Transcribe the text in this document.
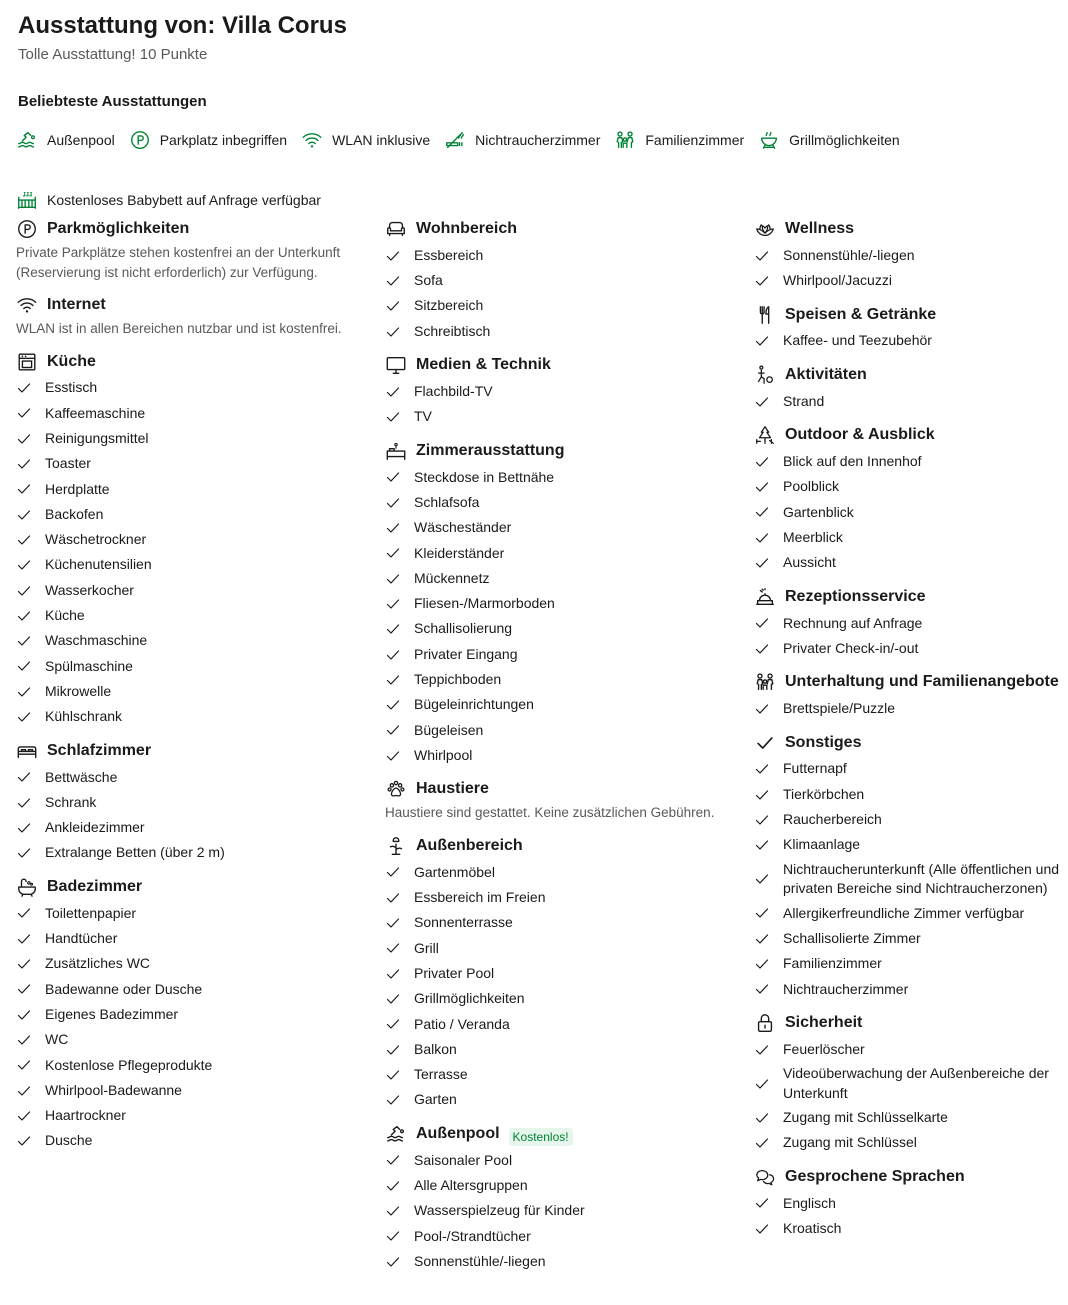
Ausstattung von: Villa Corus
Tolle Ausstattung! 10 Punkte
Beliebteste Ausstattungen
Außenpool	Parkplatz inbegriffen	WLAN inklusive	Nichtraucherzimmer	Familienzimmer	Grillmöglichkeiten
Kostenloses Babybett auf Anfrage verfügbar
Parkmöglichkeiten
Private Parkplätze stehen kostenfrei an der Unterkunft (Reservierung ist nicht erforderlich) zur Verfügung.
Internet
WLAN ist in allen Bereichen nutzbar und ist kostenfrei.
Küche
Esstisch
Kaffeemaschine
Reinigungsmittel
Toaster
Herdplatte
Backofen
Wäschetrockner
Küchenutensilien
Wasserkocher
Küche
Waschmaschine
Spülmaschine
Mikrowelle
Kühlschrank
Schlafzimmer
Bettwäsche
Schrank
Ankleidezimmer
Extralange Betten (über 2 m)
Badezimmer
Toilettenpapier
Handtücher
Zusätzliches WC
Badewanne oder Dusche
Eigenes Badezimmer
WC
Kostenlose Pflegeprodukte
Whirlpool-Badewanne
Haartrockner
Dusche
Wohnbereich
Essbereich
Sofa
Sitzbereich
Schreibtisch
Medien & Technik
Flachbild-TV
TV
Zimmerausstattung
Steckdose in Bettnähe
Schlafsofa
Wäscheständer
Kleiderständer
Mückennetz
Fliesen-/Marmorboden
Schallisolierung
Privater Eingang
Teppichboden
Bügeleinrichtungen
Bügeleisen
Whirlpool
Haustiere
Haustiere sind gestattet. Keine zusätzlichen Gebühren.
Außenbereich
Gartenmöbel
Essbereich im Freien
Sonnenterrasse
Grill
Privater Pool
Grillmöglichkeiten
Patio / Veranda
Balkon
Terrasse
Garten
Außenpool	Kostenlos!
Saisonaler Pool
Alle Altersgruppen
Wasserspielzeug für Kinder
Pool-/Strandtücher
Sonnenstühle/-liegen
Wellness
Sonnenstühle/-liegen
Whirlpool/Jacuzzi
Speisen & Getränke
Kaffee- und Teezubehör
Aktivitäten
Strand
Outdoor & Ausblick
Blick auf den Innenhof
Poolblick
Gartenblick
Meerblick
Aussicht
Rezeptionsservice
Rechnung auf Anfrage
Privater Check-in/-out
Unterhaltung und Familienangebote
Brettspiele/Puzzle
Sonstiges
Futternapf
Tierkörbchen
Raucherbereich
Klimaanlage
Nichtraucherunterkunft (Alle öffentlichen und privaten Bereiche sind Nichtraucherzonen)
Allergikerfreundliche Zimmer verfügbar
Schallisolierte Zimmer
Familienzimmer
Nichtraucherzimmer
Sicherheit
Feuerlöscher
Videoüberwachung der Außenbereiche der Unterkunft
Zugang mit Schlüsselkarte
Zugang mit Schlüssel
Gesprochene Sprachen
Englisch
Kroatisch
